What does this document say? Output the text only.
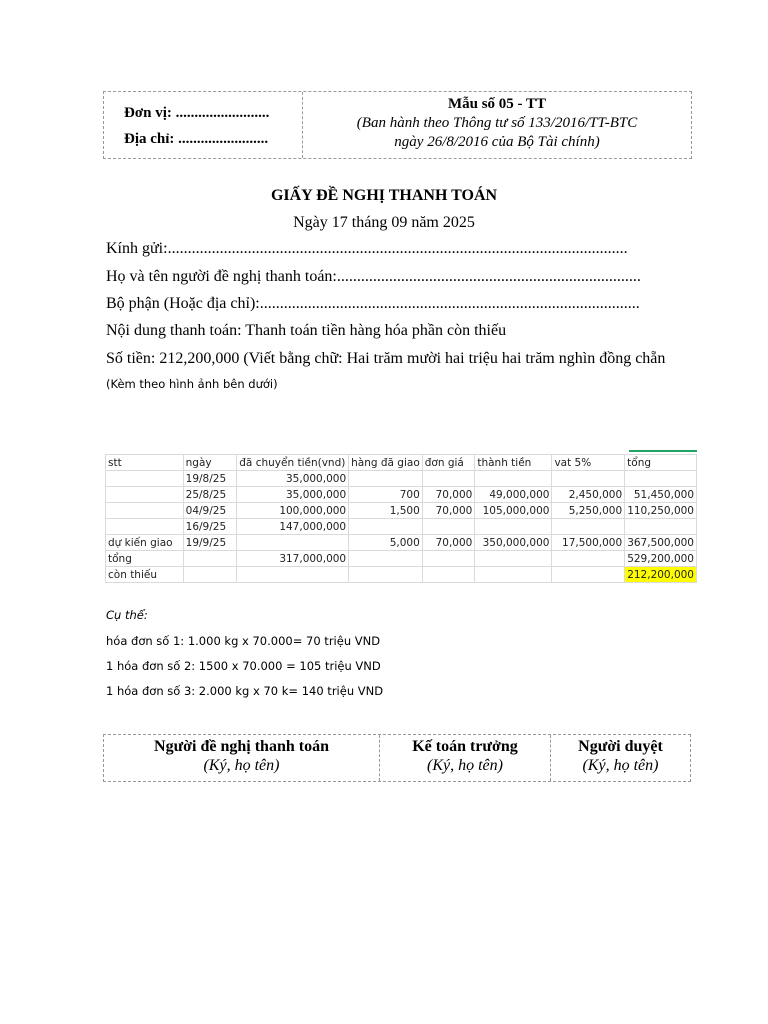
Đơn vị: .........................
Địa chỉ: ........................
Mẫu số 05 - TT
(Ban hành theo Thông tư số 133/2016/TT-BTC
ngày 26/8/2016 của Bộ Tài chính)
GIẤY ĐỀ NGHỊ THANH TOÁN
Ngày 17 tháng 09 năm 2025
Kính gửi:...................................................................................................................
Họ và tên người đề nghị thanh toán:............................................................................
Bộ phận (Hoặc địa chỉ):...............................................................................................
Nội dung thanh toán: Thanh toán tiền hàng hóa phần còn thiếu
Số tiền: 212,200,000 (Viết bằng chữ: Hai trăm mười hai triệu hai trăm nghìn đồng chẵn
(Kèm theo hình ảnh bên dưới)
stt	ngày	đã chuyển tiền(vnd)	hàng đã giao	đơn giá	thành tiền	vat 5%	tổng
	19/8/25	35,000,000					
	25/8/25	35,000,000	700	70,000	49,000,000	2,450,000	51,450,000
	04/9/25	100,000,000	1,500	70,000	105,000,000	5,250,000	110,250,000
	16/9/25	147,000,000					
dự kiến giao	19/9/25		5,000	70,000	350,000,000	17,500,000	367,500,000
tổng		317,000,000					529,200,000
còn thiếu							212,200,000
Cụ thể:
hóa đơn số 1: 1.000 kg x 70.000= 70 triệu VND
1 hóa đơn số 2: 1500 x 70.000 = 105 triệu VND
1 hóa đơn số 3: 2.000 kg x 70 k= 140 triệu VND
Người đề nghị thanh toán
(Ký, họ tên)
Kế toán trưởng
(Ký, họ tên)
Người duyệt
(Ký, họ tên)
